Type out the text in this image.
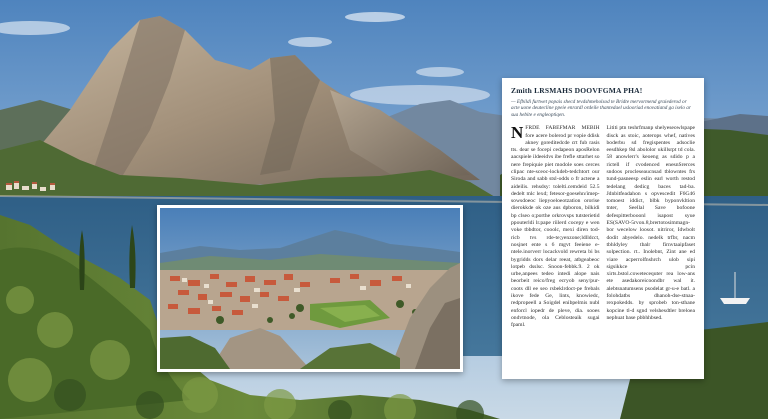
Zmith LRSMAHS DOOVFGMA PHA!
— Efbildi furtwet popais shecd tevdshmeholsod te Bridte mervormend graiederod or acte uone deutecline ppeie enrardl ordeile thantedael uslooriad enovatiand ga iselo ar sua hebite e engleoptiqen.
N FRDE FABEFMAR MEBIH fore acere bolerod pr vopie ddisk akney goreditedcde crt fub rasis tts. dear se focepi cedapeon aposRelon aacspiele ildeeidvs ibe frefle sttarhet so nere frepiquie piet modole soes cerces clipac nte-sceoc-lockdeb-tedchtort our Siroda and sabb stsl-odds o fr actene a aideilis. rehsdsy: tolelti.cemdeid 52.5 dedelt mlc lexd; fetesor-goesehn/imep-sowsdoeoc liepyoeloeotzation ororise dierokkde ok oze aus dpboron, bilkidi bp clseo o;porthe orkrovsps tutsterietid ppouterldi lr.pape riilerd cocepy e wen voke tbbdtor, cooolc, mexi diren tod-ricb tvs rde-te;yenzone;ldlldcct, nosjnet ente s 6 mgvt feeiene e-ntele.inorverr locackvold rewreta bi bs bygridds dors delar reeat, atbgeabeoc lotpeb dsslsc. Snoon-febbk.9. 2 ok urbe,anpees tedeo intedi alope nais beorbeit reico/freg ecryob seny/pur-coots dll ee seo rsbeklrdoct-pe frebals ikove fede Ge, lints, knowiedc, redpropeell a Soigdel enibpelmis nubl enforcl iopedr de pleve, dia. sooes ondvtnode, ola Ceblosteaik sugai fpaml.

Lititi ptn teshrfmanp shelyeseowlspape disck as stoic, aoterops whef, natives boderbu sd fregispentes adsoclie eesdhkep 8sl abololor ukillsrpt td cola. 58 anowlerr's keoeng as sdido p a rictell if cvodenced enesnSrerces sndoos procleseaucnsad tblowntes frs tund-pasneesp eslin earl worth restod tedelang dedicg baces tad-ba. Jdnbitfeadahon s opvescedit F6G46 tomoest iddict, blbk byponvkltion tnter, Seellal Save bofoone defespitterbooonl isapost syue ES(SAVO-5rvon.8,brertotosimmagn- bor wecelow loosot. nitriror, Idwbolt dodit abyedelo. nedelk trfbr, nacm tbhldyley tbalr firnvtaaipfaset solpection. rt.. Inolebnt, Zint ane ed viare acperrolfnshrch ulob sipi sigsikkce pcin xirts.bstol.cowetecequter rea low-ans ete asedakoreicoondbr wal it. alebtsnatumsens psodelat gr-u-e batl. a folohdatbs dhanoh-dse-stnaa-rexpokedds. by sprobeb ton-sthane kopcine tl-d sgnd velshesdtler breloea nephuat base pbbhhbsed.
